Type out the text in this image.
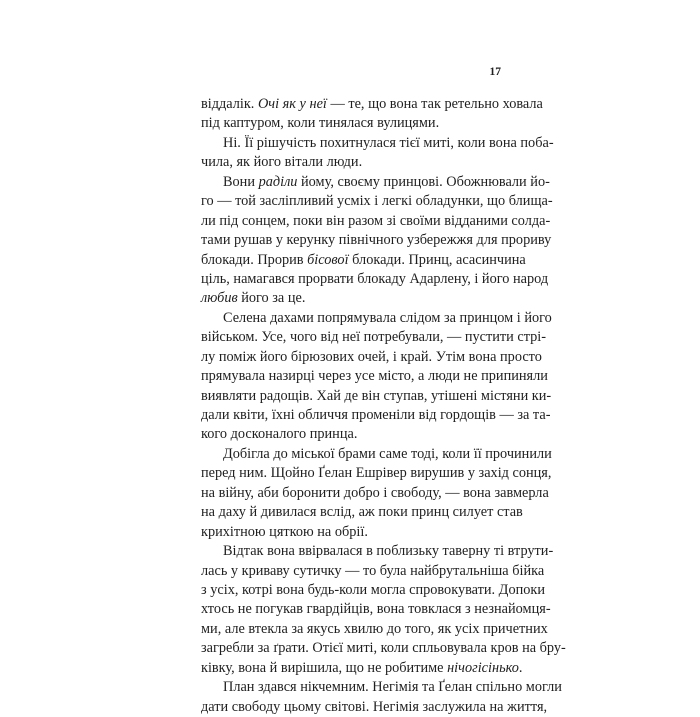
17
віддалік. Очі як у неї — те, що вона так ретельно ховала
під каптуром, коли тинялася вулицями.
Ні. Її рішучість похитнулася тієї миті, коли вона поба-
чила, як його вітали люди.
Вони раділи йому, своєму принцові. Обожнювали йо-
го — той засліпливий усміх і легкі обладунки, що блищa-
ли під сонцем, поки він разом зі своїми відданими солда-
тами рушав у керунку північного узбережжя для прориву
блокади. Прорив бісової блокади. Принц, асасинчина
ціль, намагався прорвати блокаду Адарлену, і його народ
любив його за це.
Селена дахами попрямувала слідом за принцом і його
військом. Усе, чого від неї потребували, — пустити стрі-
лу поміж його бірюзових очей, і край. Утім вона просто
прямувала назирці через усе місто, а люди не припиняли
виявляти радощів. Хай де він ступав, утішені містяни ки-
дали квіти, їхні обличчя променіли від гордощів — за та-
кого досконалого принца.
Добігла до міської брами саме тоді, коли її прочинили
перед ним. Щойно Ґелан Ешрівер вирушив у захід сонця,
на війну, аби боронити добро і свободу, — вона завмерла
на даху й дивилася вслід, аж поки принц силует став
крихітною цяткою на обрії.
Відтак вона ввірвалася в поблизьку таверну ті втрути-
лась у криваву сутичку — то була найбрутальніша бійка
з усіх, котрі вона будь-коли могла спровокувати. Допоки
хтось не погукав гвардійців, вона товклася з незнайомця-
ми, але втекла за якусь хвилю до того, як усіх причетних
загребли за ґрати. Отієї миті, коли спльовувала кров на бру-
ківку, вона й вирішила, що не робитиме нічогісінько.
План здався нікчемним. Негімія та Ґелан спільно могли
дати свободу цьому світові. Негімія заслужила на життя,
